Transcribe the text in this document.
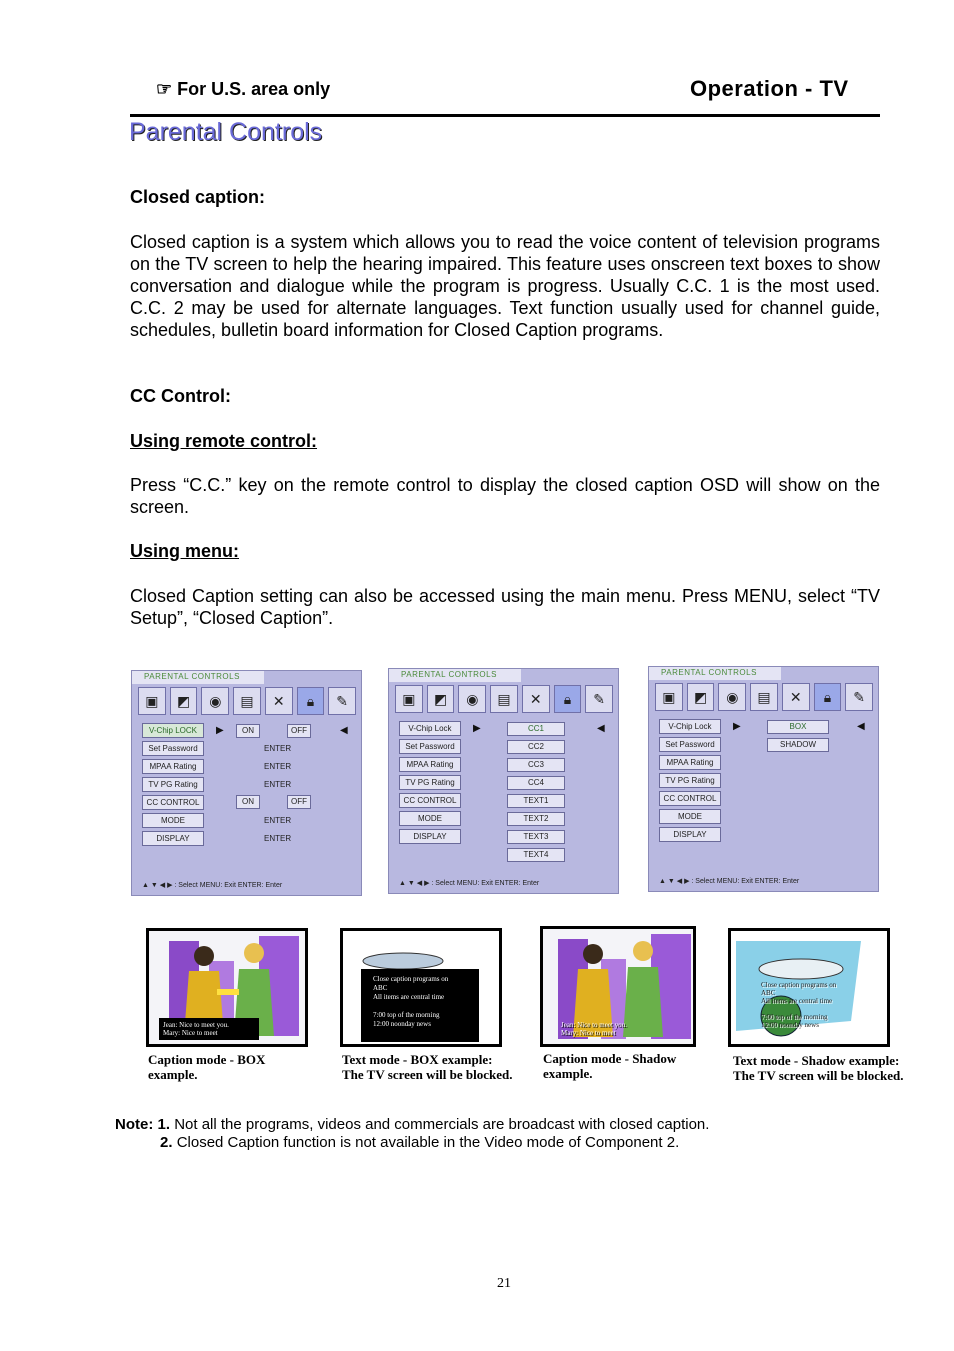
☞ For U.S. area only	Operation - TV
Parental Controls
Closed caption:
Closed caption is a system which allows you to read the voice content of television programs on the TV screen to help the hearing impaired. This feature uses onscreen text boxes to show conversation and dialogue while the program is progress. Usually C.C. 1 is the most used. C.C. 2 may be used for alternate languages. Text function usually used for channel guide, schedules, bulletin board information for Closed Caption programs.
CC Control:
Using remote control:
Press “C.C.” key on the remote control to display the closed caption OSD will show on the screen.
Using menu:
Closed Caption setting can also be accessed using the main menu. Press MENU, select “TV Setup”, “Closed Caption”.
PARENTAL CONTROLS
▣	◩	◉	▤	✕	🔒︎	✎
V-Chip LOCK
Set Password
MPAA Rating
TV PG Rating
CC CONTROL
MODE
DISPLAY
▶	◀
ON	OFF
ENTER
ENTER
ENTER
ON	OFF
ENTER
ENTER
▲ ▼ ◀ ▶ : Select MENU: Exit ENTER: Enter
PARENTAL CONTROLS
▣	◩	◉	▤	✕	🔒︎	✎
V-Chip Lock
Set Password
MPAA Rating
TV PG Rating
CC CONTROL
MODE
DISPLAY
▶	◀
CC1
CC2
CC3
CC4
TEXT1
TEXT2
TEXT3
TEXT4
▲ ▼ ◀ ▶ : Select MENU: Exit ENTER: Enter
PARENTAL CONTROLS
▣	◩	◉	▤	✕	🔒︎	✎
V-Chip Lock
Set Password
MPAA Rating
TV PG Rating
CC CONTROL
MODE
DISPLAY
▶	◀
BOX
SHADOW
▲ ▼ ◀ ▶ : Select MENU: Exit ENTER: Enter
Jean: Nice to meet you.
Mary: Nice to meet
Caption mode - BOX
example.
Close caption programs on
ABC
All items are central time
7:00 top of the morning
12:00 noonday news
Text mode - BOX example:
The TV screen will be blocked.
Jean: Nice to meet you.
Mary: Nice to meet
Caption mode - Shadow
example.
Close caption programs on
ABC
All items are central time
7:00 top of the morning
12:00 noonday news
Text mode - Shadow example:
The TV screen will be blocked.
Note: 1. Not all the programs, videos and commercials are broadcast with closed caption.
2. Closed Caption function is not available in the Video mode of Component 2.
21
